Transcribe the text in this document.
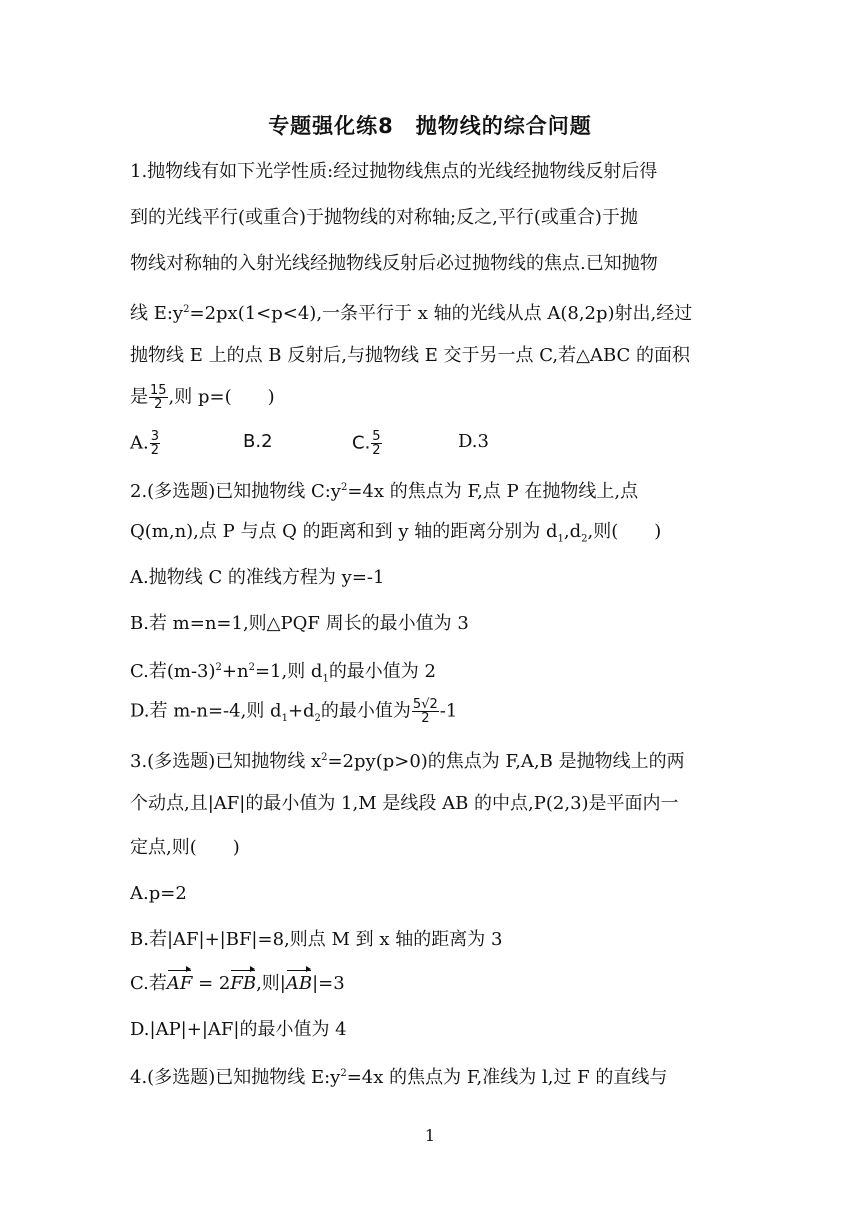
专题强化练8　抛物线的综合问题
1.抛物线有如下光学性质:经过抛物线焦点的光线经抛物线反射后得
到的光线平行(或重合)于抛物线的对称轴;反之,平行(或重合)于抛
物线对称轴的入射光线经抛物线反射后必过抛物线的焦点.已知抛物
线 $E:y^2=2px(1<p<4)$,一条平行于 x 轴的光线从点 A(8,2p)射出,经过
抛物线 E 上的点 B 反射后,与抛物线 E 交于另一点 C,若△ABC 的面积
是 $\frac{15}{2}$ ,则 p=(　　)
A. $\frac{3}{2}$	B.2	C. $\frac{5}{2}$	D.3
2.(多选题)已知抛物线 $C:y^2=4x$ 的焦点为 F,点 P 在抛物线上,点
Q(m,n),点 P 与点 Q 的距离和到 y 轴的距离分别为 $d_1,d_2$,则(　　)
A.抛物线 C 的准线方程为 y=-1
B.若 m=n=1,则△PQF 周长的最小值为 3
C.若$(m-3)^2+n^2=1$,则 $d_1$的最小值为 2
D.若 m-n=-4,则 $d_1+d_2$的最小值为 $\frac{5√2}{2} -1$
3.(多选题)已知抛物线 $x^2=2py(p>0)$的焦点为 F,A,B 是抛物线上的两
个动点,且|AF|的最小值为 1,M 是线段 AB 的中点,P(2,3)是平面内一
定点,则(　　)
A.p=2
B.若|AF|+|BF|=8,则点 M 到 x 轴的距离为 3
C.若AF = 2FB,则|AB|=3
D.|AP|+|AF|的最小值为 4
4.(多选题)已知抛物线 $E:y^2=4x$ 的焦点为 F,准线为 l,过 F 的直线与
1
